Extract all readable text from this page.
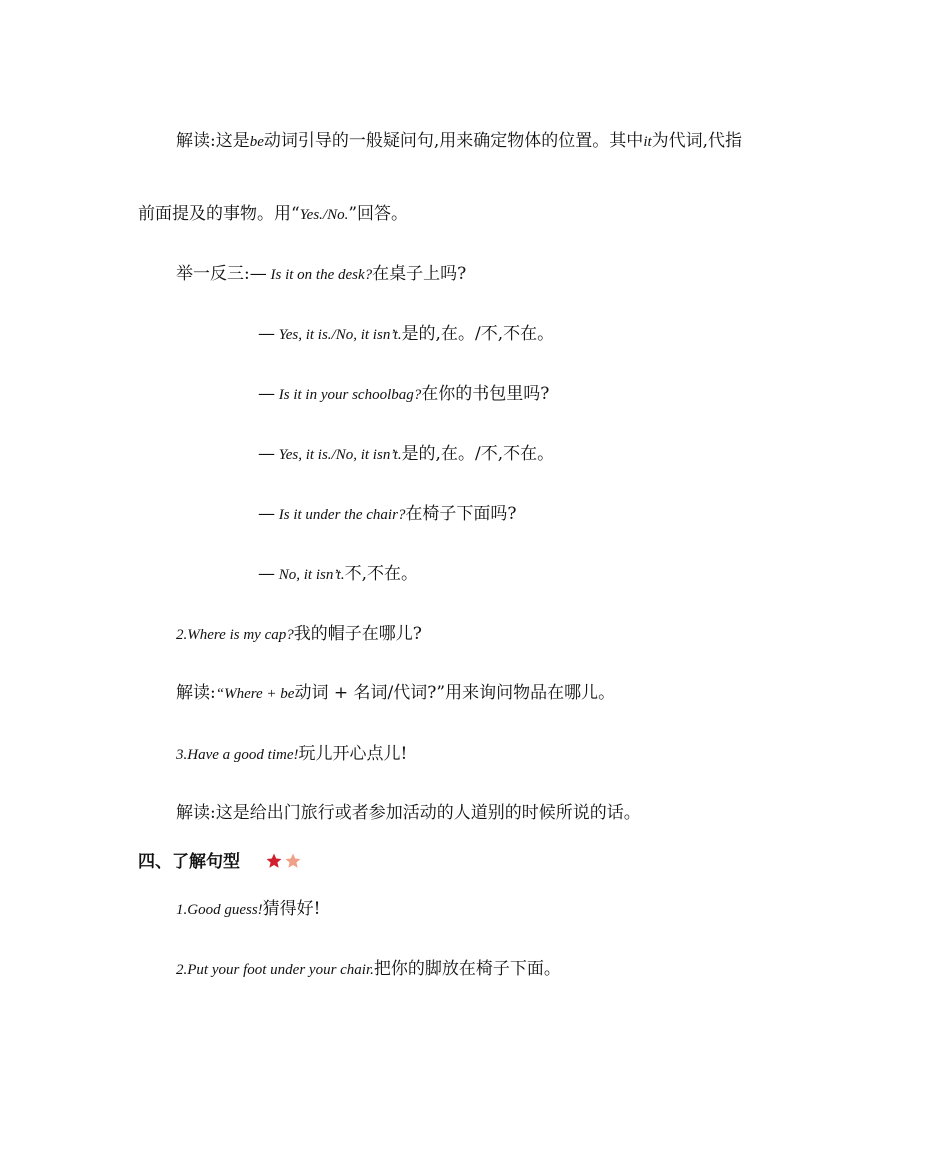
解读:这是be动词引导的一般疑问句,用来确定物体的位置。其中it为代词,代指
前面提及的事物。用“Yes./No.”回答。
举一反三:— Is it on the desk?在桌子上吗?
— Yes, it is./No, it isn’t.是的,在。/不,不在。
— Is it in your schoolbag?在你的书包里吗?
— Yes, it is./No, it isn’t.是的,在。/不,不在。
— Is it under the chair?在椅子下面吗?
— No, it isn’t.不,不在。
2.Where is my cap?我的帽子在哪儿?
解读:“Where + be动词 + 名词/代词?”用来询问物品在哪儿。
3.Have a good time!玩儿开心点儿!
解读:这是给出门旅行或者参加活动的人道别的时候所说的话。
四、了解句型
1.Good guess!猜得好!
2.Put your foot under your chair.把你的脚放在椅子下面。
